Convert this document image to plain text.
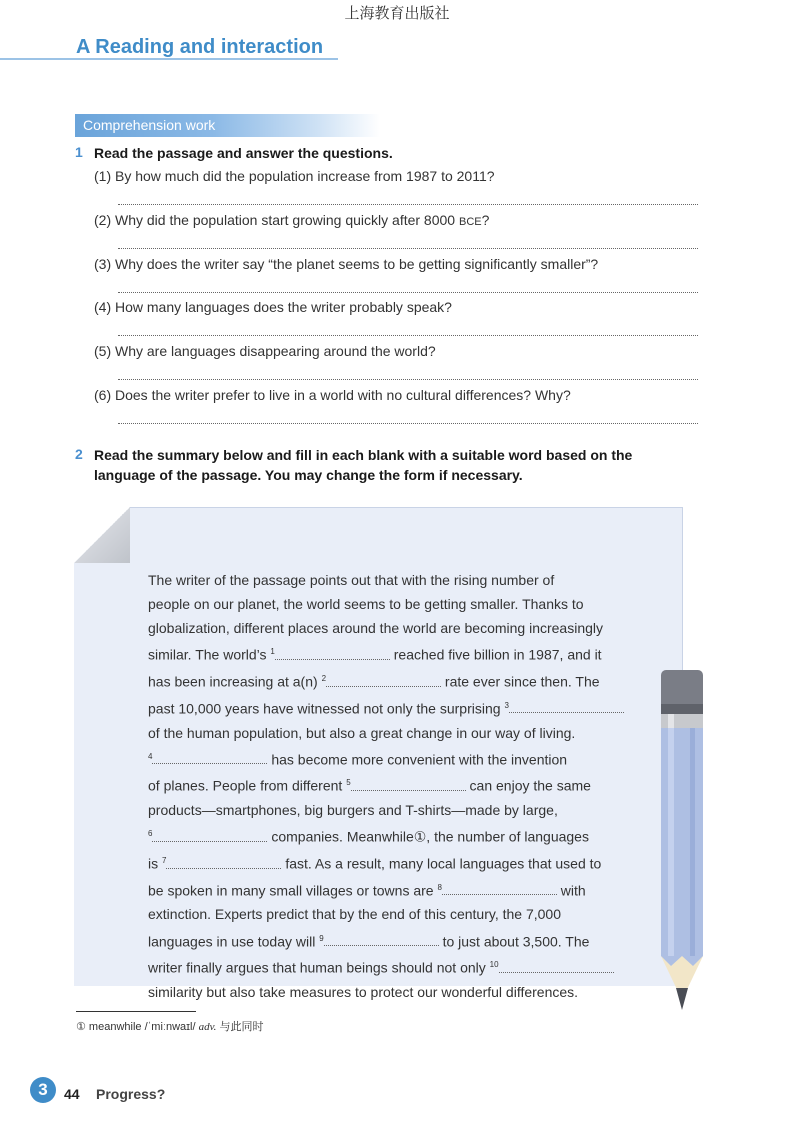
上海教育出版社
A Reading and interaction
Comprehension work
1 Read the passage and answer the questions.
(1) By how much did the population increase from 1987 to 2011?
(2) Why did the population start growing quickly after 8000 BCE?
(3) Why does the writer say “the planet seems to be getting significantly smaller”?
(4) How many languages does the writer probably speak?
(5) Why are languages disappearing around the world?
(6) Does the writer prefer to live in a world with no cultural differences? Why?
2 Read the summary below and fill in each blank with a suitable word based on the language of the passage. You may change the form if necessary.
The writer of the passage points out that with the rising number of
people on our planet, the world seems to be getting smaller. Thanks to
globalization, different places around the world are becoming increasingly
similar. The world’s $^1$	reached five billion in 1987, and it
has been increasing at a(n) $^2$	rate ever since then. The
past 10,000 years have witnessed not only the surprising $^3$
of the human population, but also a great change in our way of living.
$^4$	has become more convenient with the invention
of planes. People from different $^5$	can enjoy the same
products—smartphones, big burgers and T-shirts—made by large,
$^6$	companies. Meanwhile①, the number of languages
is $^7$	fast. As a result, many local languages that used to
be spoken in many small villages or towns are $^8$	with
extinction. Experts predict that by the end of this century, the 7,000
languages in use today will $^9$	to just about 3,500. The
writer finally argues that human beings should not only $^{10}$
similarity but also take measures to protect our wonderful differences.
① meanwhile /ˈmiːnwaɪl/ adv. 与此同时
3	44 Progress?
